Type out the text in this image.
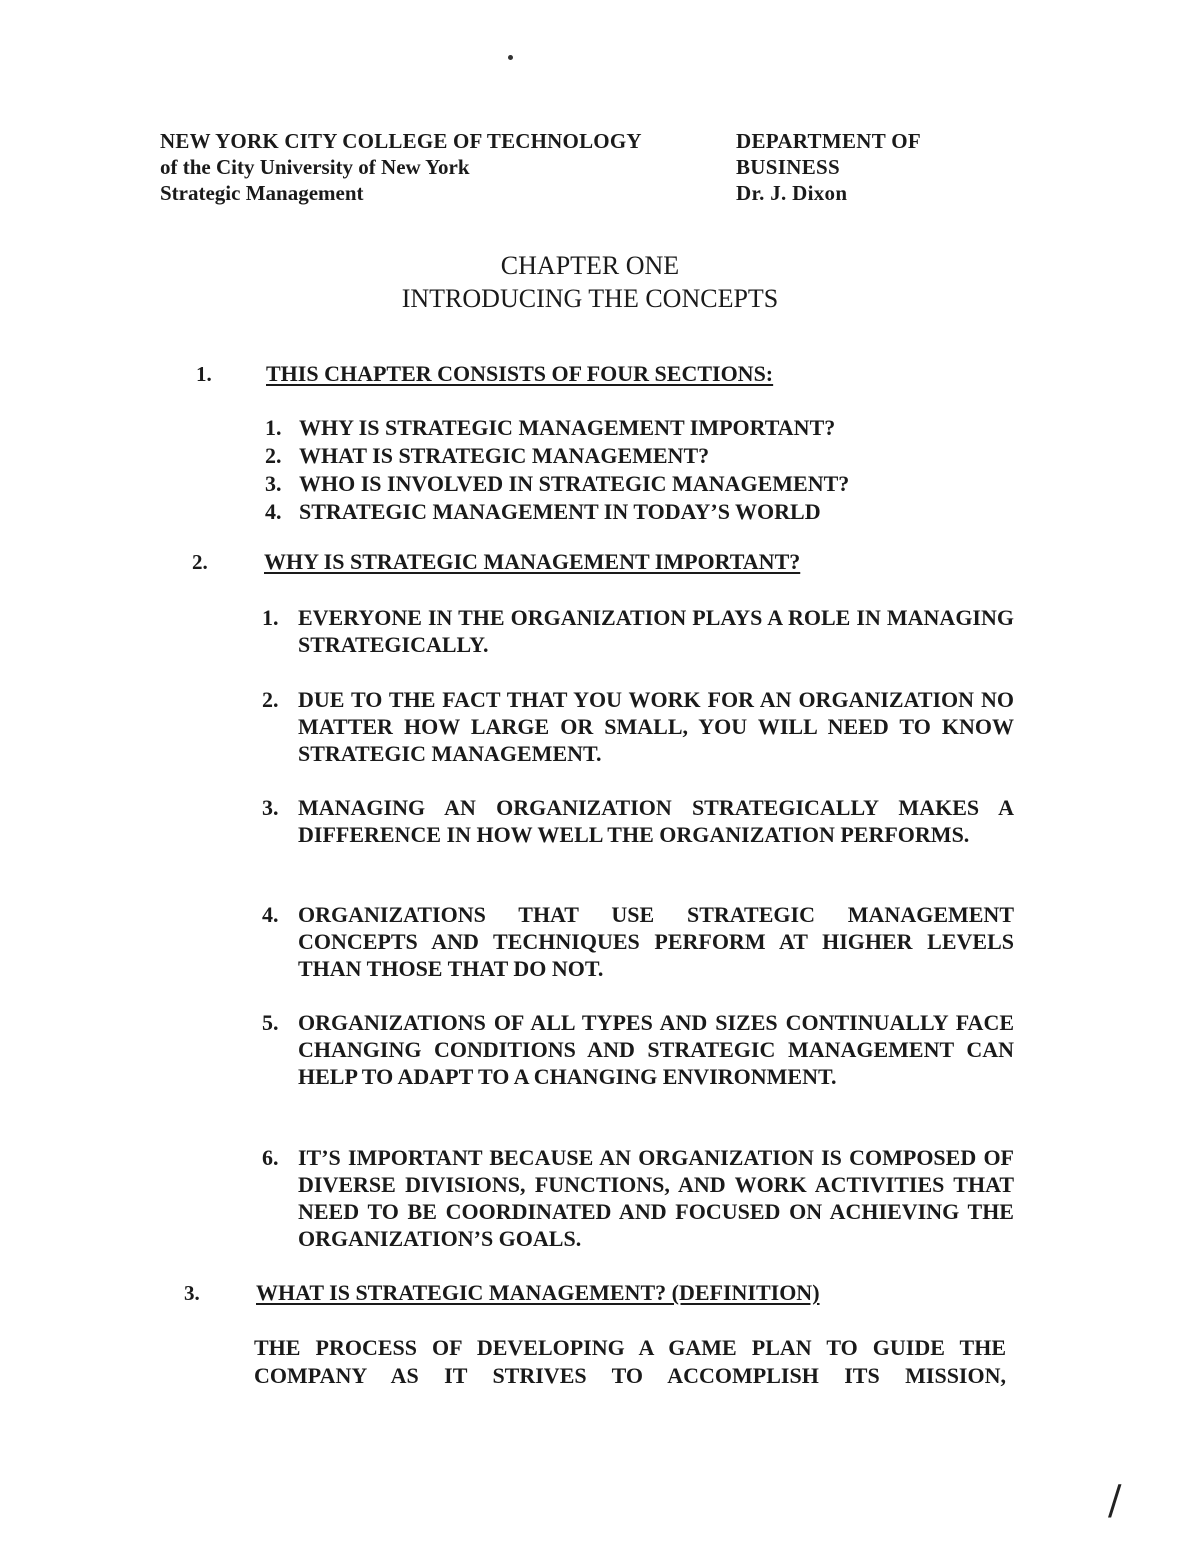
NEW YORK CITY COLLEGE OF TECHNOLOGY
of the City University of New York
Strategic Management
DEPARTMENT OF
BUSINESS
Dr. J. Dixon
CHAPTER ONE
INTRODUCING THE CONCEPTS
1. THIS CHAPTER CONSISTS OF FOUR SECTIONS:
1. WHY IS STRATEGIC MANAGEMENT IMPORTANT?
2. WHAT IS STRATEGIC MANAGEMENT?
3. WHO IS INVOLVED IN STRATEGIC MANAGEMENT?
4. STRATEGIC MANAGEMENT IN TODAY’S WORLD
2.	WHY IS STRATEGIC MANAGEMENT IMPORTANT?
1. EVERYONE IN THE ORGANIZATION PLAYS A ROLE IN MANAGING STRATEGICALLY.
2. DUE TO THE FACT THAT YOU WORK FOR AN ORGANIZATION NO MATTER HOW LARGE OR SMALL, YOU WILL NEED TO KNOW STRATEGIC MANAGEMENT.
3. MANAGING AN ORGANIZATION STRATEGICALLY MAKES A DIFFERENCE IN HOW WELL THE ORGANIZATION PERFORMS.
4. ORGANIZATIONS THAT USE STRATEGIC MANAGEMENT CONCEPTS AND TECHNIQUES PERFORM AT HIGHER LEVELS THAN THOSE THAT DO NOT.
5. ORGANIZATIONS OF ALL TYPES AND SIZES CONTINUALLY FACE CHANGING CONDITIONS AND STRATEGIC MANAGEMENT CAN HELP TO ADAPT TO A CHANGING ENVIRONMENT.
6. IT’S IMPORTANT BECAUSE AN ORGANIZATION IS COMPOSED OF DIVERSE DIVISIONS, FUNCTIONS, AND WORK ACTIVITIES THAT NEED TO BE COORDINATED AND FOCUSED ON ACHIEVING THE ORGANIZATION’S GOALS.
3.	WHAT IS STRATEGIC MANAGEMENT? (DEFINITION)
THE PROCESS OF DEVELOPING A GAME PLAN TO GUIDE THE
COMPANY AS IT STRIVES TO ACCOMPLISH ITS MISSION,
/
